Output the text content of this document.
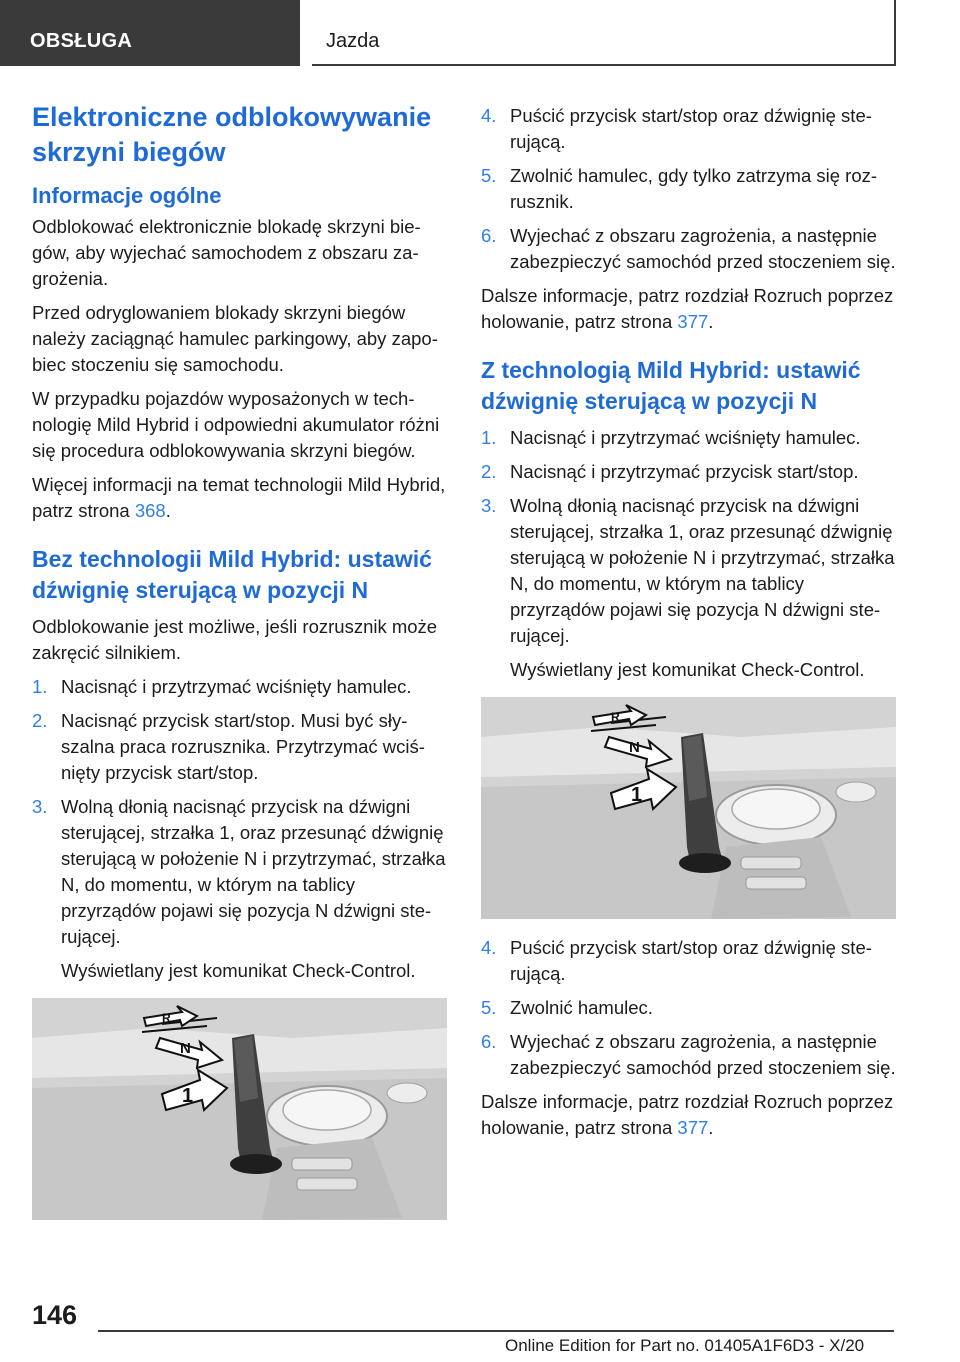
OBSŁUGA	Jazda
Elektroniczne odblokowywanie skrzyni biegów
Informacje ogólne

Odblokować elektronicznie blokadę skrzyni biegów, aby wyjechać samochodem z obszaru zagrożenia.

Przed odryglowaniem blokady skrzyni biegów należy zaciągnąć hamulec parkingowy, aby zapobiec stoczeniu się samochodu.

W przypadku pojazdów wyposażonych w technologię Mild Hybrid i odpowiedni akumulator różni się procedura odblokowywania skrzyni biegów.

Więcej informacji na temat technologii Mild Hybrid, patrz strona 368.

Bez technologii Mild Hybrid: ustawić dźwignię sterującą w pozycji N

Odblokowanie jest możliwe, jeśli rozrusznik może zakręcić silnikiem.

1. Nacisnąć i przytrzymać wciśnięty hamulec.
2. Nacisnąć przycisk start/stop. Musi być słyszalna praca rozrusznika. Przytrzymać wciśnięty przycisk start/stop.
3. Wolną dłonią nacisnąć przycisk na dźwigni sterującej, strzałka 1, oraz przesunąć dźwignię sterującą w położenie N i przytrzymać, strzałka N, do momentu, w którym na tablicy przyrządów pojawi się pozycja N dźwigni sterującej.
Wyświetlany jest komunikat Check-Control.
R
N
1
4. Puścić przycisk start/stop oraz dźwignię sterującą.
5. Zwolnić hamulec, gdy tylko zatrzyma się rozrusznik.
6. Wyjechać z obszaru zagrożenia, a następnie zabezpieczyć samochód przed stoczeniem się.

Dalsze informacje, patrz rozdział Rozruch poprzez holowanie, patrz strona 377.

Z technologią Mild Hybrid: ustawić dźwignię sterującą w pozycji N
1. Nacisnąć i przytrzymać wciśnięty hamulec.
2. Nacisnąć i przytrzymać przycisk start/stop.
3. Wolną dłonią nacisnąć przycisk na dźwigni sterującej, strzałka 1, oraz przesunąć dźwignię sterującą w położenie N i przytrzymać, strzałka N, do momentu, w którym na tablicy przyrządów pojawi się pozycja N dźwigni sterującej.
Wyświetlany jest komunikat Check-Control.
R
N
1
4. Puścić przycisk start/stop oraz dźwignię sterującą.
5. Zwolnić hamulec.
6. Wyjechać z obszaru zagrożenia, a następnie zabezpieczyć samochód przed stoczeniem się.

Dalsze informacje, patrz rozdział Rozruch poprzez holowanie, patrz strona 377.

146
Online Edition for Part no. 01405A1F6D3 - X/20
